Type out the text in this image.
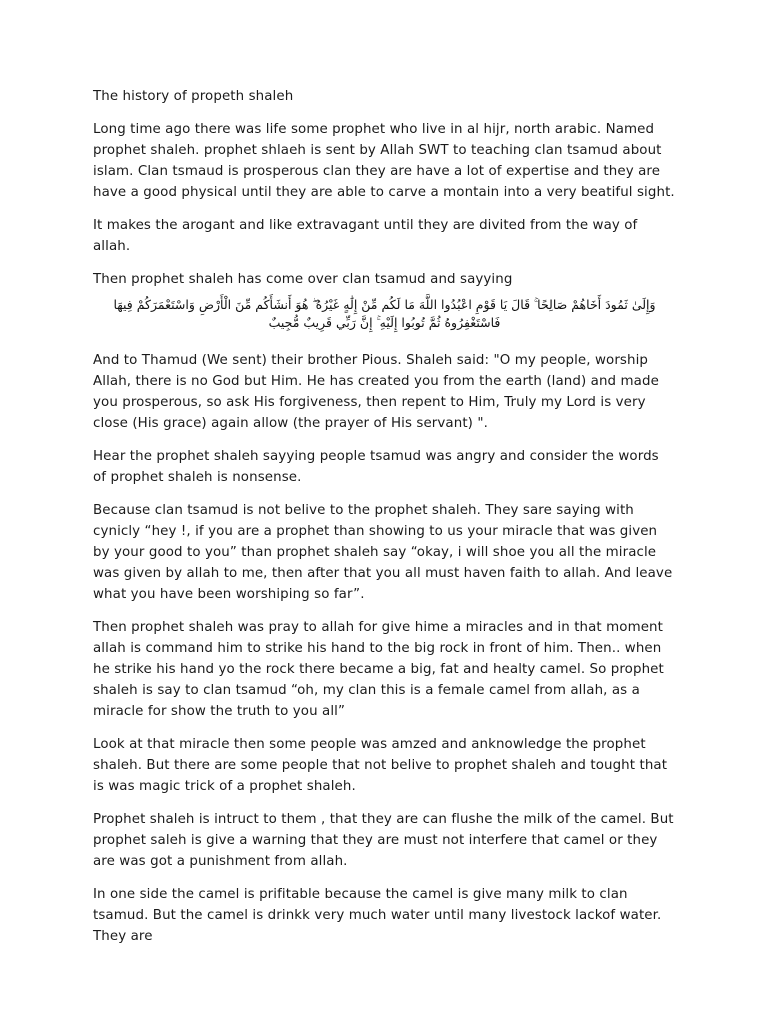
The history of propeth shaleh

Long time ago there was life some prophet who live in al hijr, north arabic. Named prophet shaleh. prophet shlaeh is sent by Allah SWT to teaching clan tsamud about islam. Clan tsmaud is prosperous clan they are have a lot of expertise and they are have a good physical until they are able to carve a montain into a very beatiful sight.

It makes the arogant and like extravagant until they are divited from the way of allah.

Then prophet shaleh has come over clan tsamud and sayying

وَإِلَىٰ ثَمُودَ أَخَاهُمْ صَالِحًا ۚ قَالَ يَا قَوْمِ اعْبُدُوا اللَّهَ مَا لَكُم مِّنْ إِلَٰهٍ غَيْرُهُ ۖ هُوَ أَنشَأَكُم مِّنَ الْأَرْضِ وَاسْتَعْمَرَكُمْ فِيهَا فَاسْتَغْفِرُوهُ ثُمَّ تُوبُوا إِلَيْهِ ۚ إِنَّ رَبِّي قَرِيبٌ مُّجِيبٌ

And to Thamud (We sent) their brother Pious. Shaleh said: "O my people, worship Allah, there is no God but Him. He has created you from the earth (land) and made you prosperous, so ask His forgiveness, then repent to Him, Truly my Lord is very close (His grace) again allow (the prayer of His servant) ".

Hear the prophet shaleh sayying people tsamud was angry and consider the words of prophet shaleh is nonsense.

Because clan tsamud is not belive to the prophet shaleh. They sare saying with cynicly “hey !, if you are a prophet than showing to us your miracle that was given by your good to you” than prophet shaleh say “okay, i will shoe you all the miracle was given by allah to me, then after that you all must haven faith to allah. And leave what you have been worshiping so far”.

Then prophet shaleh was pray to allah for give hime a miracles and in that moment allah is command him to strike his hand to the big rock in front of him. Then.. when he strike his hand yo the rock there became a big, fat and healty camel. So prophet shaleh is say to clan tsamud “oh, my clan this is a female camel from allah, as a miracle for show the truth to you all”

Look at that miracle then some people was amzed and anknowledge the prophet shaleh. But there are some people that not belive to prophet shaleh and tought that is was magic trick of a prophet shaleh.

Prophet shaleh is intruct to them , that they are can flushe the milk of the camel. But prophet saleh is give a warning that they are must not interfere that camel or they are was got a punishment from allah.

In one side the camel is prifitable because the camel is give many milk to clan tsamud. But the camel is drinkk very much water until many livestock lackof water. They are
